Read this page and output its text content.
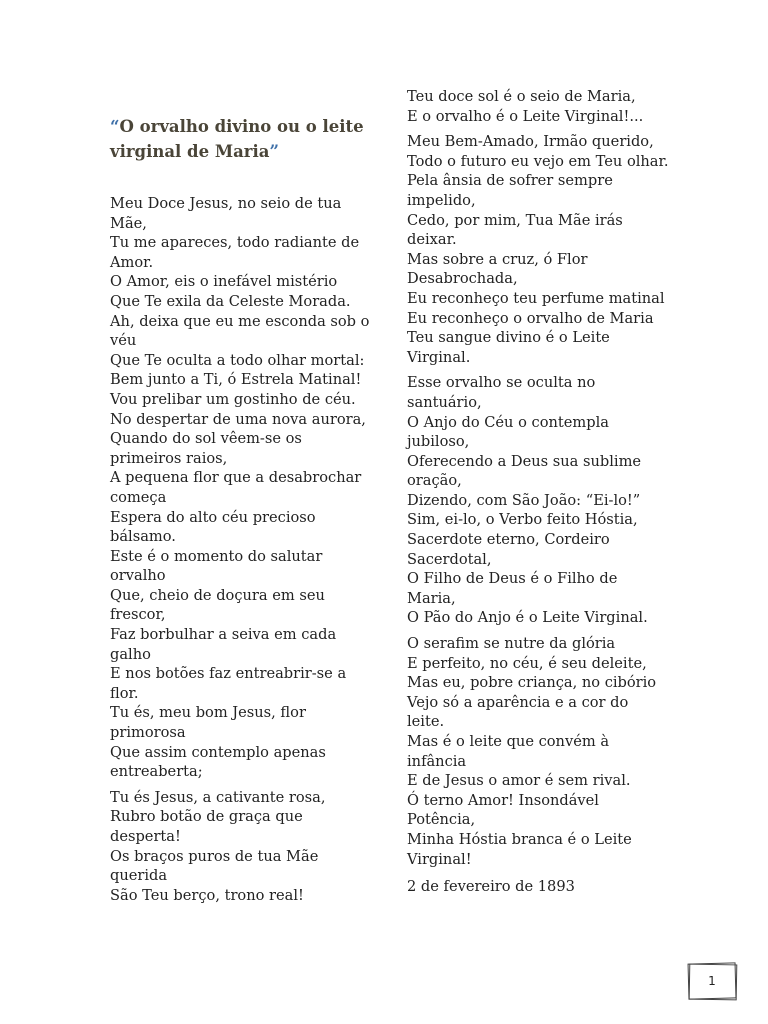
“O orvalho divino ou o leite virginal de Maria”

Meu Doce Jesus, no seio de tua Mãe,
Tu me apareces, todo radiante de Amor.
O Amor, eis o inefável mistério
Que Te exila da Celeste Morada.
Ah, deixa que eu me esconda sob o véu
Que Te oculta a todo olhar mortal:
Bem junto a Ti, ó Estrela Matinal!
Vou prelibar um gostinho de céu.
No despertar de uma nova aurora,
Quando do sol vêem-se os primeiros raios,
A pequena flor que a desabrochar começa
Espera do alto céu precioso bálsamo.
Este é o momento do salutar orvalho
Que, cheio de doçura em seu frescor,
Faz borbulhar a seiva em cada galho
E nos botões faz entreabrir-se a flor.
Tu és, meu bom Jesus, flor primorosa
Que assim contemplo apenas entreaberta;

Tu és Jesus, a cativante rosa,
Rubro botão de graça que desperta!
Os braços puros de tua Mãe querida
São Teu berço, trono real!

Teu doce sol é o seio de Maria,
E o orvalho é o Leite Virginal!...

Meu Bem-Amado, Irmão querido,
Todo o futuro eu vejo em Teu olhar.
Pela ânsia de sofrer sempre impelido,
Cedo, por mim, Tua Mãe irás deixar.
Mas sobre a cruz, ó Flor Desabrochada,
Eu reconheço teu perfume matinal
Eu reconheço o orvalho de Maria
Teu sangue divino é o Leite Virginal.

Esse orvalho se oculta no santuário,
O Anjo do Céu o contempla jubiloso,
Oferecendo a Deus sua sublime oração,
Dizendo, com São João: “Ei-lo!”
Sim, ei-lo, o Verbo feito Hóstia,
Sacerdote eterno, Cordeiro Sacerdotal,
O Filho de Deus é o Filho de Maria,
O Pão do Anjo é o Leite Virginal.

O serafim se nutre da glória
E perfeito, no céu, é seu deleite,
Mas eu, pobre criança, no cibório
Vejo só a aparência e a cor do leite.
Mas é o leite que convém à infância
E de Jesus o amor é sem rival.
Ó terno Amor! Insondável Potência,
Minha Hóstia branca é o Leite Virginal!

2 de fevereiro de 1893

1
